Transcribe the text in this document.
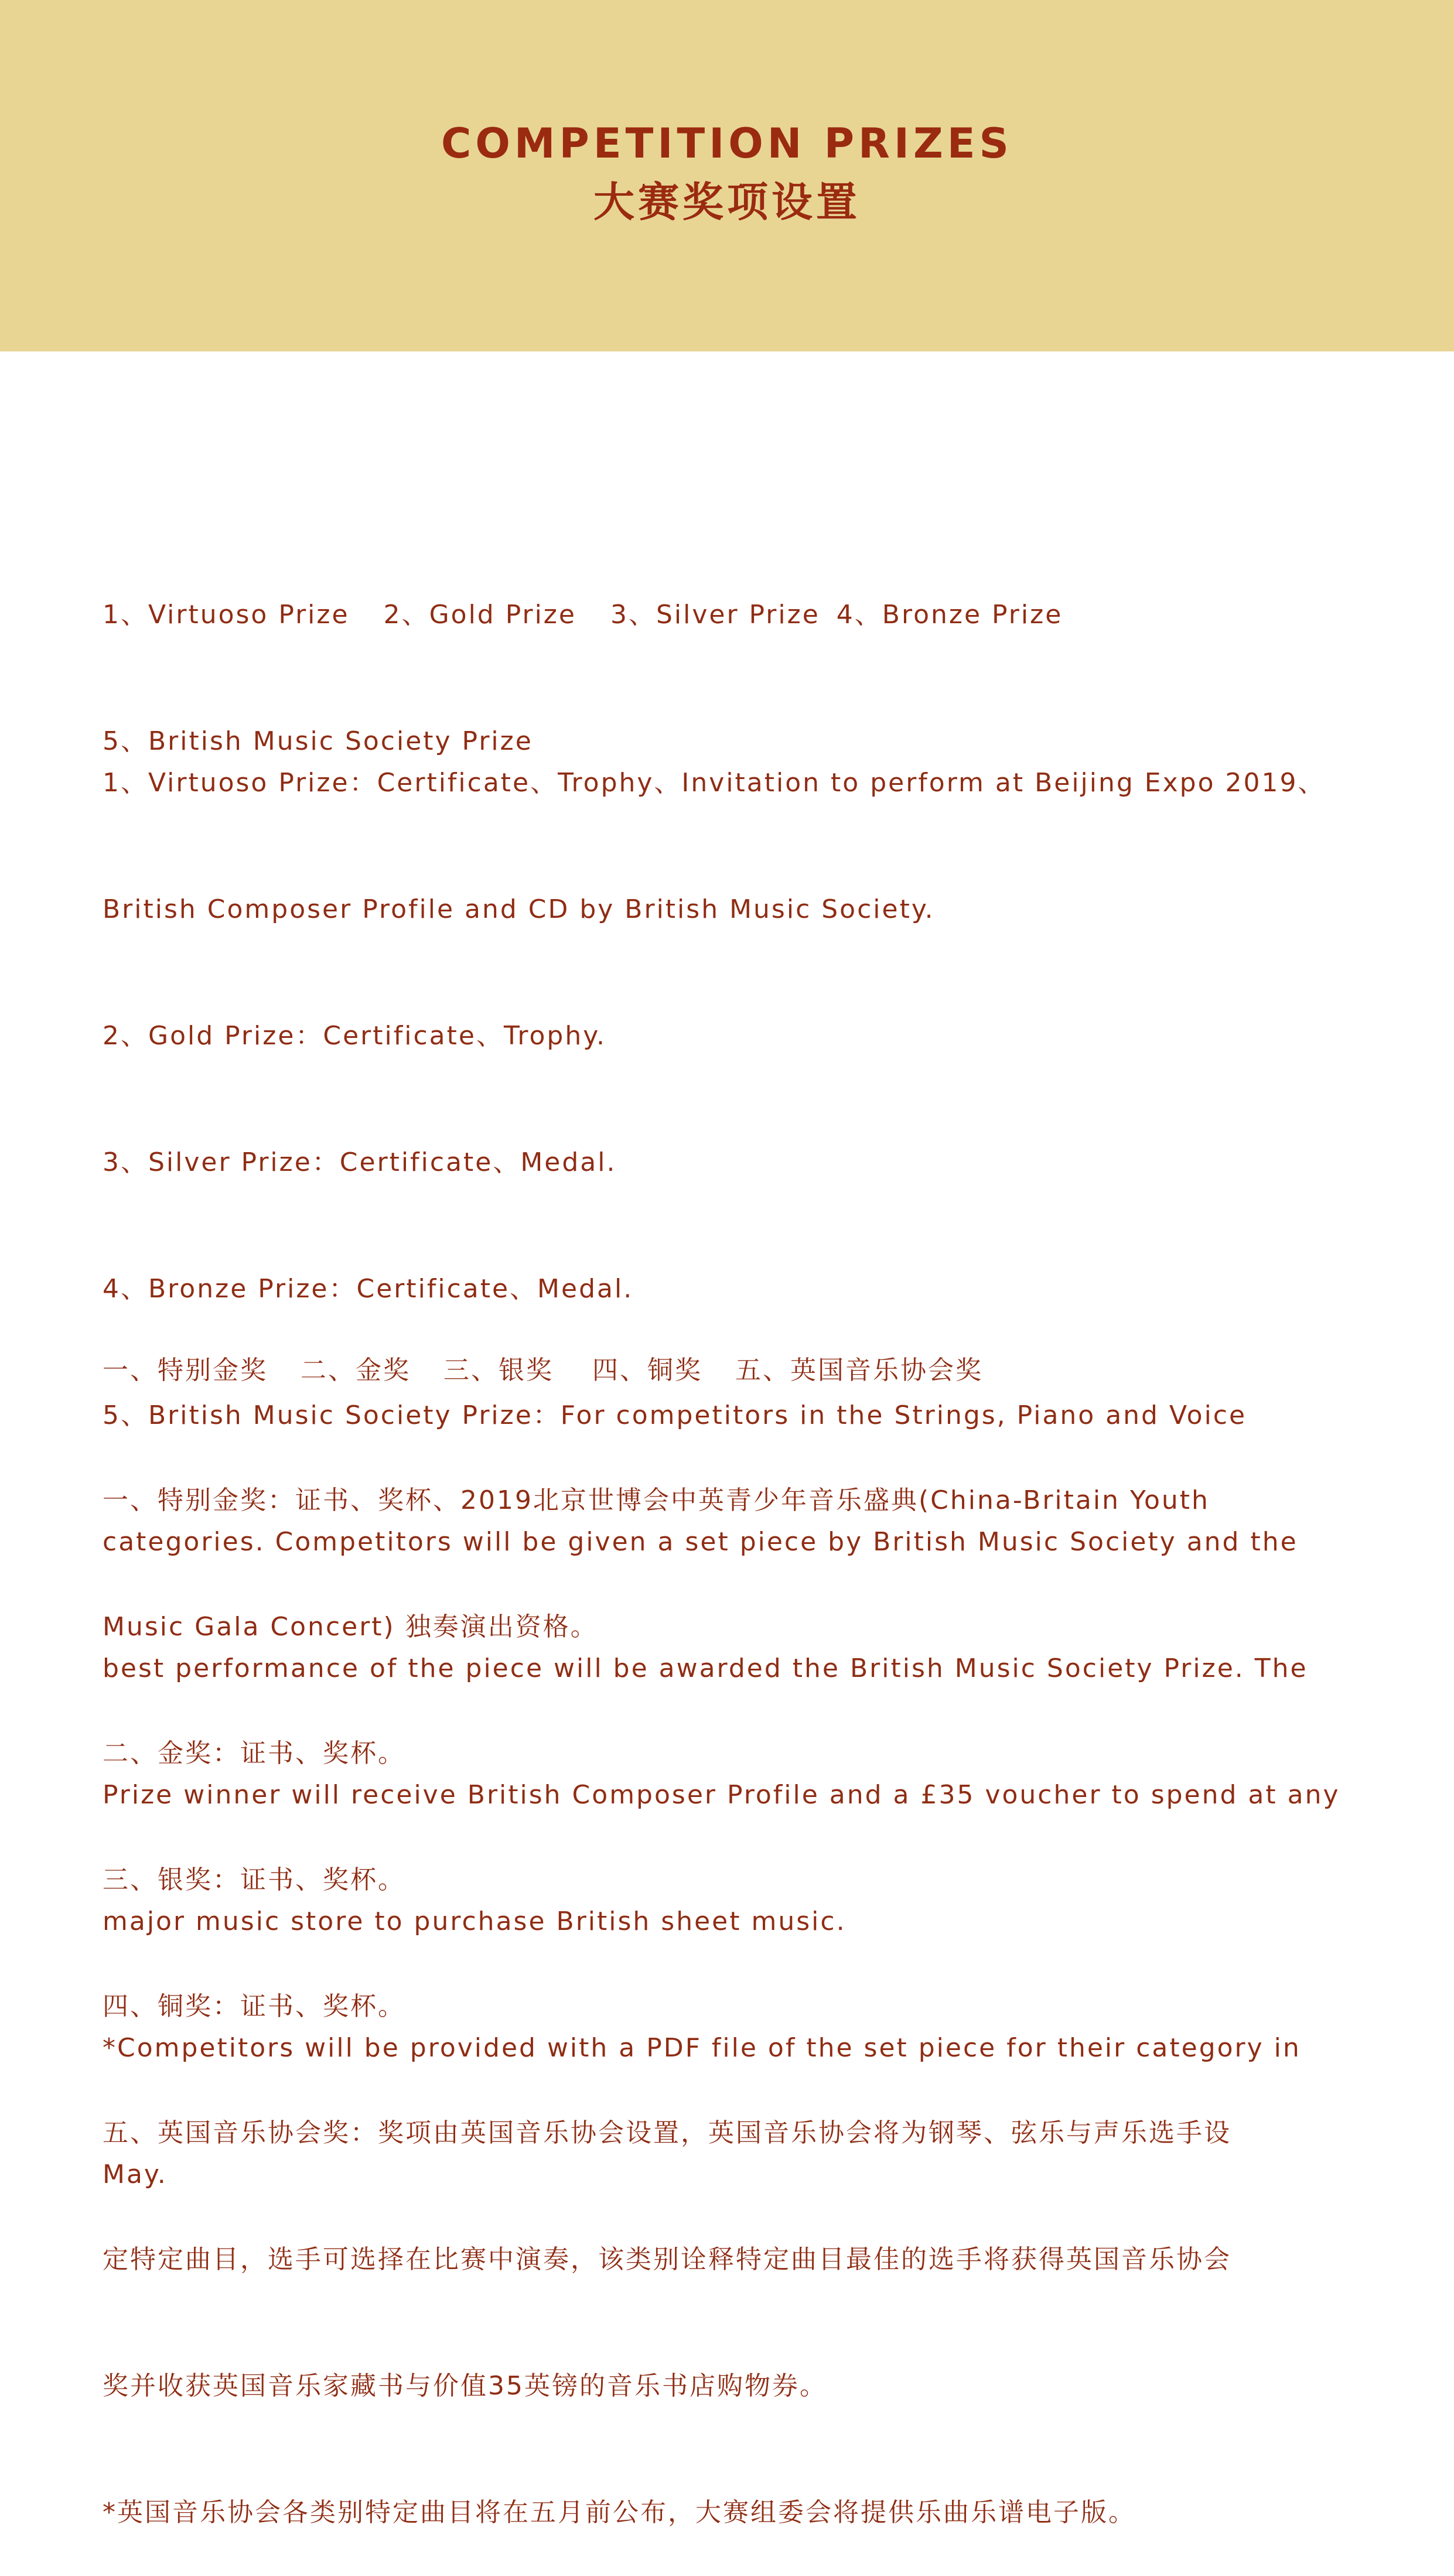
COMPETITION PRIZES
大赛奖项设置

1、Virtuoso Prize 2、Gold Prize 3、Silver Prize 4、Bronze Prize

5、British Music Society Prize

1、Virtuoso Prize：Certificate、Trophy、Invitation to perform at Beijing Expo 2019、

British Composer Profile and CD by British Music Society.

2、Gold Prize：Certificate、Trophy.

3、Silver Prize：Certificate、Medal.

4、Bronze Prize：Certificate、Medal.

5、British Music Society Prize：For competitors in the Strings, Piano and Voice

categories. Competitors will be given a set piece by British Music Society and the

best performance of the piece will be awarded the British Music Society Prize. The

Prize winner will receive British Composer Profile and a £35 voucher to spend at any

major music store to purchase British sheet music.

*Competitors will be provided with a PDF file of the set piece for their category in

May.

一、特别金奖 二、金奖 三、银奖 四、铜奖 五、英国音乐协会奖

一、特别金奖：证书、奖杯、2019北京世博会中英青少年音乐盛典(China-Britain Youth

Music Gala Concert) 独奏演出资格。

二、金奖：证书、奖杯。

三、银奖：证书、奖杯。

四、铜奖：证书、奖杯。

五、英国音乐协会奖：奖项由英国音乐协会设置，英国音乐协会将为钢琴、弦乐与声乐选手设

定特定曲目，选手可选择在比赛中演奏，该类别诠释特定曲目最佳的选手将获得英国音乐协会

奖并收获英国音乐家藏书与价值35英镑的音乐书店购物券。

*英国音乐协会各类别特定曲目将在五月前公布，大赛组委会将提供乐曲乐谱电子版。
